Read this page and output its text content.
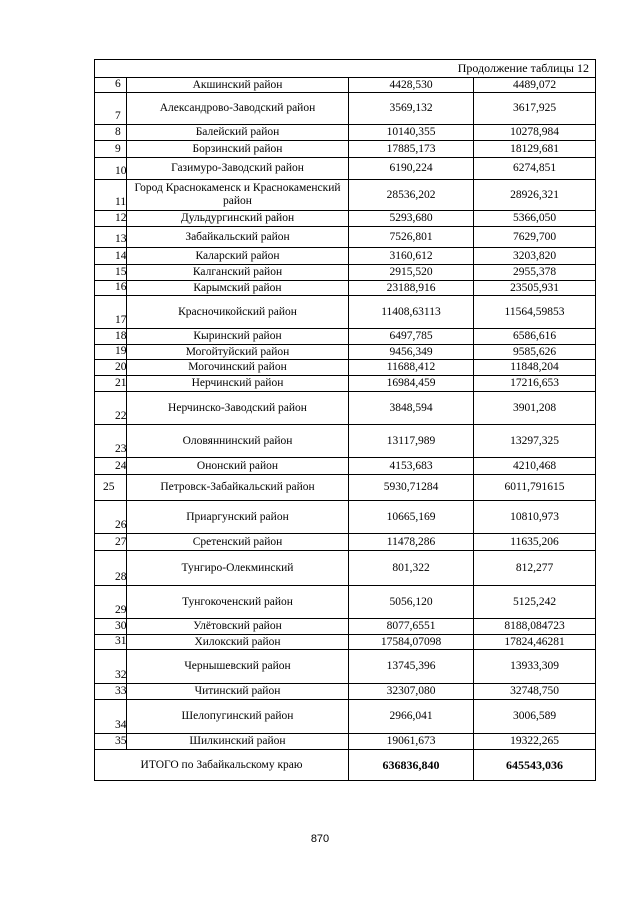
Продолжение таблицы 12			
6	Акшинский район	4428,530	4489,072
7	Александрово-Заводский район	3569,132	3617,925
8	Балейский район	10140,355	10278,984
9	Борзинский район	17885,173	18129,681
10	Газимуро-Заводский район	6190,224	6274,851
11	Город Краснокаменск и Краснокаменский район	28536,202	28926,321
12	Дульдургинский район	5293,680	5366,050
13	Забайкальский район	7526,801	7629,700
14	Каларский район	3160,612	3203,820
15	Калганский район	2915,520	2955,378
16	Карымский район	23188,916	23505,931
17	Красночикойский район	11408,63113	11564,59853
18	Кыринский район	6497,785	6586,616
19	Могойтуйский район	9456,349	9585,626
20	Могочинский район	11688,412	11848,204
21	Нерчинский район	16984,459	17216,653
22	Нерчинско-Заводский район	3848,594	3901,208
23	Оловяннинский район	13117,989	13297,325
24	Ононский район	4153,683	4210,468
25	Петровск-Забайкальский район	5930,71284	6011,791615
26	Приаргунский район	10665,169	10810,973
27	Сретенский район	11478,286	11635,206
28	Тунгиро-Олекминский	801,322	812,277
29	Тунгокоченский район	5056,120	5125,242
30	Улётовский район	8077,6551	8188,084723
31	Хилокский район	17584,07098	17824,46281
32	Чернышевский район	13745,396	13933,309
33	Читинский район	32307,080	32748,750
34	Шелопугинский район	2966,041	3006,589
35	Шилкинский район	19061,673	19322,265
ИТОГО по Забайкальскому краю		636836,840	645543,036
870
